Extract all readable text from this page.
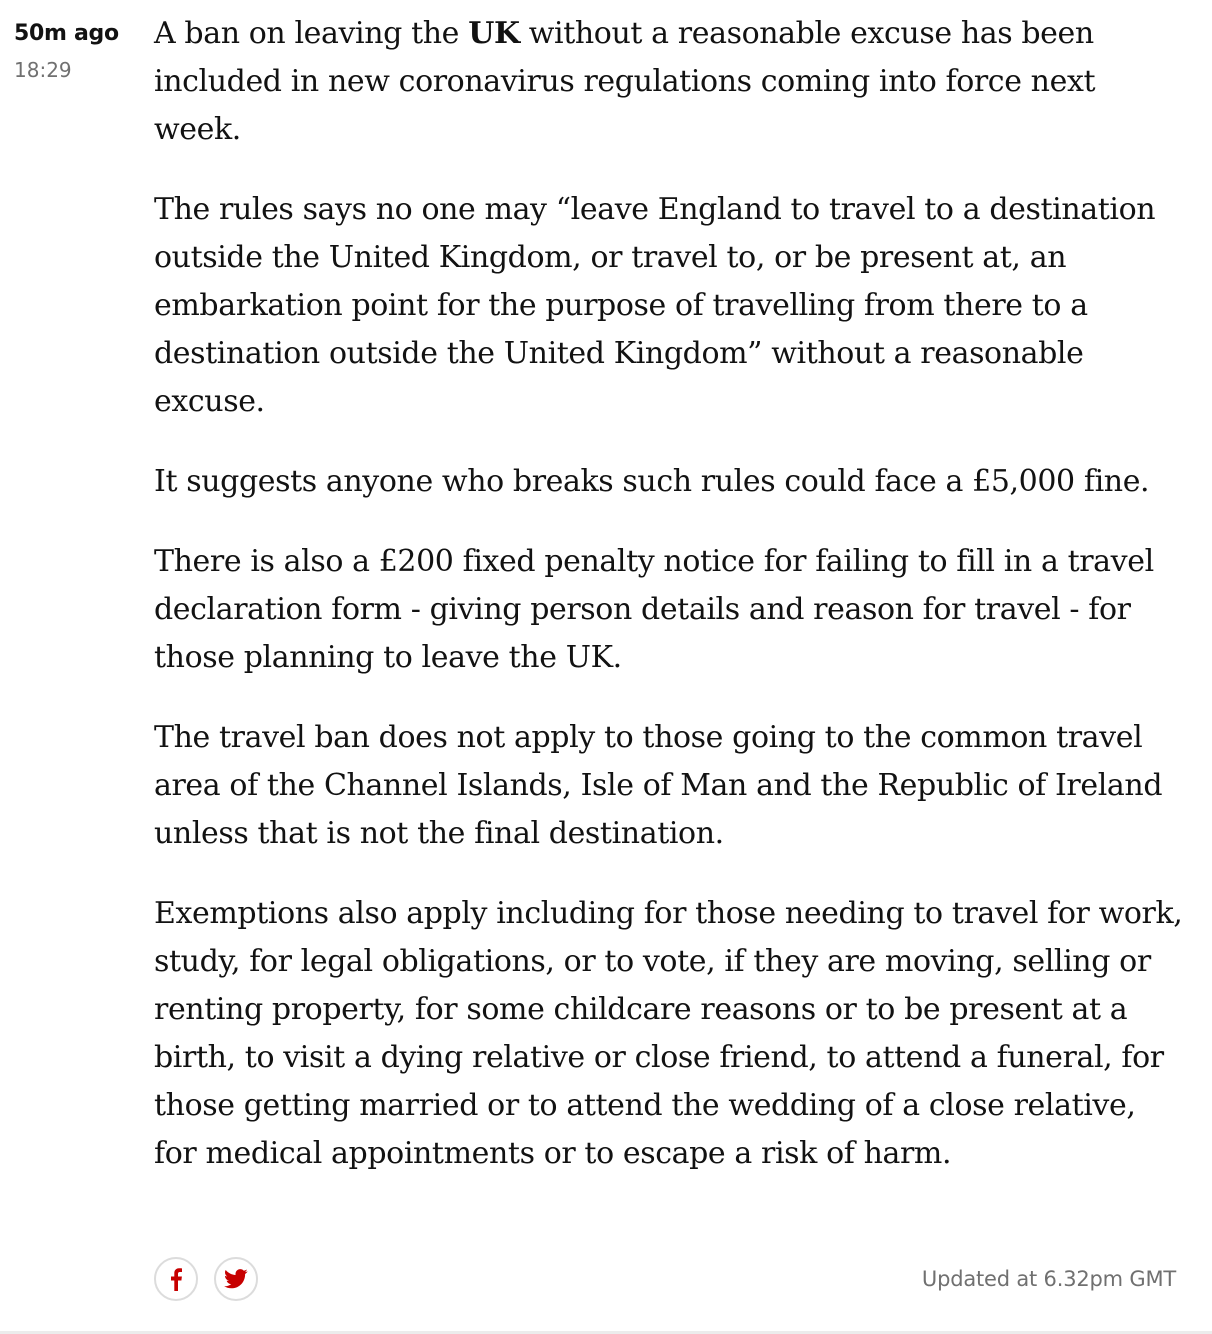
50m ago
18:29

A ban on leaving the UK without a reasonable excuse has been included in new coronavirus regulations coming into force next week.

The rules says no one may “leave England to travel to a destination outside the United Kingdom, or travel to, or be present at, an embarkation point for the purpose of travelling from there to a destination outside the United Kingdom” without a reasonable excuse.

It suggests anyone who breaks such rules could face a £5,000 fine.

There is also a £200 fixed penalty notice for failing to fill in a travel declaration form - giving person details and reason for travel - for those planning to leave the UK.

The travel ban does not apply to those going to the common travel area of the Channel Islands, Isle of Man and the Republic of Ireland unless that is not the final destination.

Exemptions also apply including for those needing to travel for work, study, for legal obligations, or to vote, if they are moving, selling or renting property, for some childcare reasons or to be present at a birth, to visit a dying relative or close friend, to attend a funeral, for those getting married or to attend the wedding of a close relative, for medical appointments or to escape a risk of harm.

Updated at 6.32pm GMT
